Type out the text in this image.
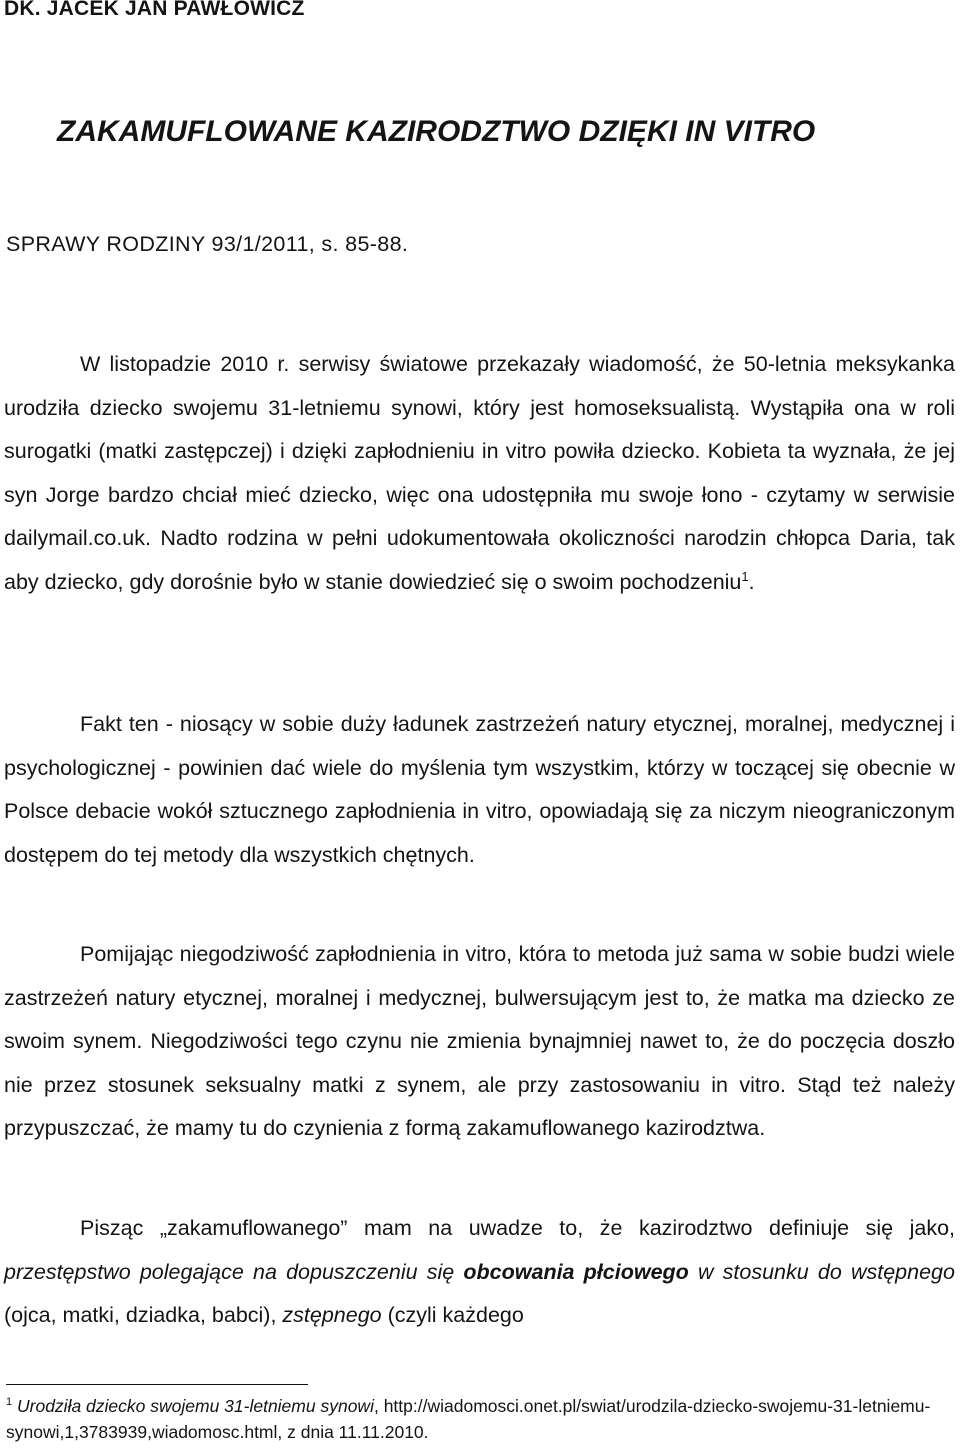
DK. JACEK JAN PAWŁOWICZ
ZAKAMUFLOWANE KAZIRODZTWO DZIĘKI IN VITRO
SPRAWY RODZINY 93/1/2011, s. 85-88.

W listopadzie 2010 r. serwisy światowe przekazały wiadomość, że 50-letnia meksykanka urodziła dziecko swojemu 31-letniemu synowi, który jest homoseksualistą. Wystąpiła ona w roli surogatki (matki zastępczej) i dzięki zapłodnieniu in vitro powiła dziecko. Kobieta ta wyznała, że jej syn Jorge bardzo chciał mieć dziecko, więc ona udostępniła mu swoje łono - czytamy w serwisie dailymail.co.uk. Nadto rodzina w pełni udokumentowała okoliczności narodzin chłopca Daria, tak aby dziecko, gdy dorośnie było w stanie dowiedzieć się o swoim pochodzeniu$^1$.

Fakt ten - niosący w sobie duży ładunek zastrzeżeń natury etycznej, moralnej, medycznej i psychologicznej - powinien dać wiele do myślenia tym wszystkim, którzy w toczącej się obecnie w Polsce debacie wokół sztucznego zapłodnienia in vitro, opowiadają się za niczym nieograniczonym dostępem do tej metody dla wszystkich chętnych.

Pomijając niegodziwość zapłodnienia in vitro, która to metoda już sama w sobie budzi wiele zastrzeżeń natury etycznej, moralnej i medycznej, bulwersującym jest to, że matka ma dziecko ze swoim synem. Niegodziwości tego czynu nie zmienia bynajmniej nawet to, że do poczęcia doszło nie przez stosunek seksualny matki z synem, ale przy zastosowaniu in vitro. Stąd też należy przypuszczać, że mamy tu do czynienia z formą zakamuflowanego kazirodztwa.

Pisząc „zakamuflowanego” mam na uwadze to, że kazirodztwo definiuje się jako, przestępstwo polegające na dopuszczeniu się obcowania płciowego w stosunku do wstępnego (ojca, matki, dziadka, babci), zstępnego (czyli każdego

$^1$ Urodziła dziecko swojemu 31-letniemu synowi, http://wiadomosci.onet.pl/swiat/urodzila-dziecko-swojemu-31-letniemu-synowi,1,3783939,wiadomosc.html, z dnia 11.11.2010.
